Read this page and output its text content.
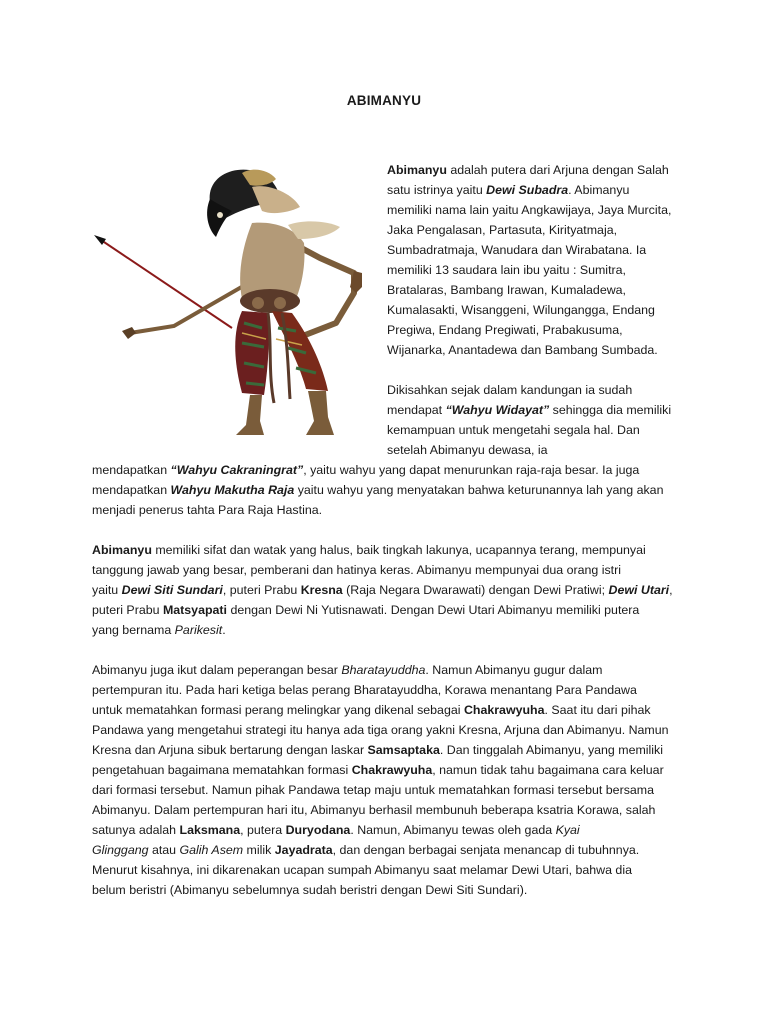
ABIMANYU
Abimanyu adalah putera dari Arjuna dengan Salah
satu istrinya yaitu Dewi Subadra. Abimanyu
memiliki nama lain yaitu Angkawijaya, Jaya Murcita,
Jaka Pengalasan, Partasuta, Kirityatmaja,
Sumbadratmaja, Wanudara dan Wirabatana. Ia
memiliki 13 saudara lain ibu yaitu : Sumitra,
Bratalaras, Bambang Irawan, Kumaladewa,
Kumalasakti, Wisanggeni, Wilungangga, Endang
Pregiwa, Endang Pregiwati, Prabakusuma,
Wijanarka, Anantadewa dan Bambang Sumbada.
Dikisahkan sejak dalam kandungan ia sudah
mendapat “Wahyu Widayat” sehingga dia memiliki
kemampuan untuk mengetahi segala hal. Dan
setelah Abimanyu dewasa, ia
mendapatkan “Wahyu Cakraningrat”, yaitu wahyu yang dapat menurunkan raja-raja besar. Ia juga
mendapatkan Wahyu Makutha Raja yaitu wahyu yang menyatakan bahwa keturunannya lah yang akan
menjadi penerus tahta Para Raja Hastina.
Abimanyu memiliki sifat dan watak yang halus, baik tingkah lakunya, ucapannya terang, mempunyai
tanggung jawab yang besar, pemberani dan hatinya keras. Abimanyu mempunyai dua orang istri
yaitu Dewi Siti Sundari, puteri Prabu Kresna (Raja Negara Dwarawati) dengan Dewi Pratiwi; Dewi Utari,
puteri Prabu Matsyapati dengan Dewi Ni Yutisnawati. Dengan Dewi Utari Abimanyu memiliki putera
yang bernama Parikesit.
Abimanyu juga ikut dalam peperangan besar Bharatayuddha. Namun Abimanyu gugur dalam
pertempuran itu. Pada hari ketiga belas perang Bharatayuddha, Korawa menantang Para Pandawa
untuk mematahkan formasi perang melingkar yang dikenal sebagai Chakrawyuha. Saat itu dari pihak
Pandawa yang mengetahui strategi itu hanya ada tiga orang yakni Kresna, Arjuna dan Abimanyu. Namun
Kresna dan Arjuna sibuk bertarung dengan laskar Samsaptaka. Dan tinggalah Abimanyu, yang memiliki
pengetahuan bagaimana mematahkan formasi Chakrawyuha, namun tidak tahu bagaimana cara keluar
dari formasi tersebut. Namun pihak Pandawa tetap maju untuk mematahkan formasi tersebut bersama
Abimanyu. Dalam pertempuran hari itu, Abimanyu berhasil membunuh beberapa ksatria Korawa, salah
satunya adalah Laksmana, putera Duryodana. Namun, Abimanyu tewas oleh gada Kyai
Glinggang atau Galih Asem milik Jayadrata, dan dengan berbagai senjata menancap di tubuhnnya.
Menurut kisahnya, ini dikarenakan ucapan sumpah Abimanyu saat melamar Dewi Utari, bahwa dia
belum beristri (Abimanyu sebelumnya sudah beristri dengan Dewi Siti Sundari).
